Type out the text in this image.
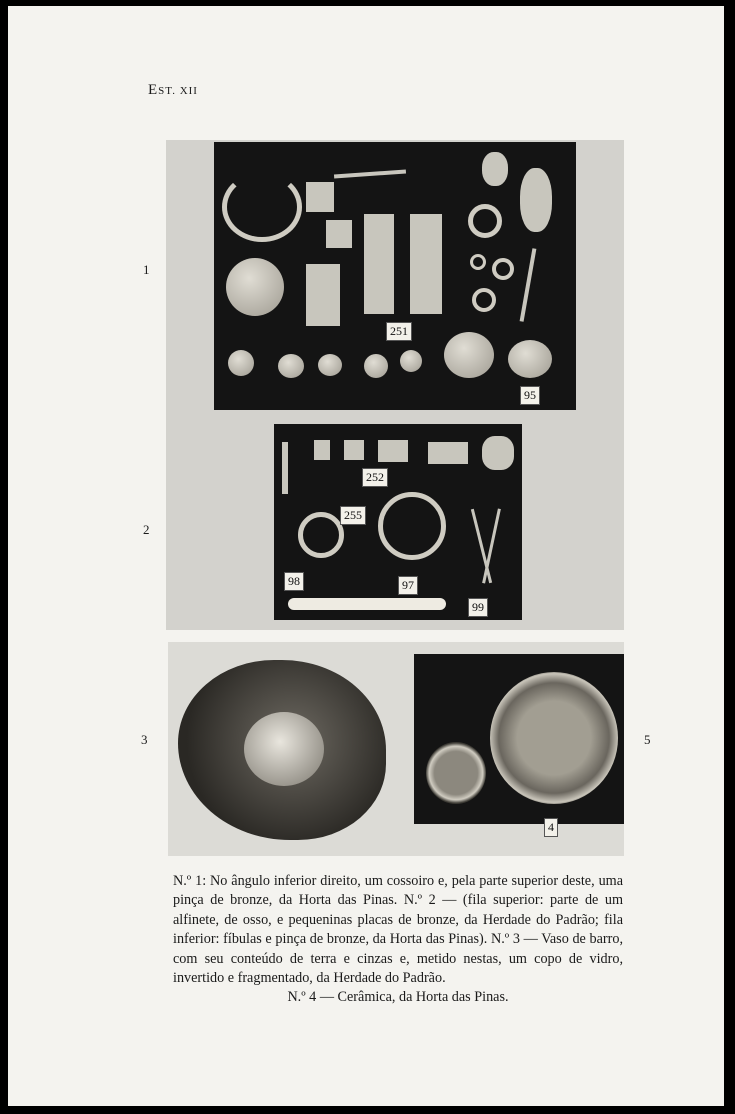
EST. XII
1
2
3	5
251
95
252
255
98	97
99
4

N.º 1: No ângulo inferior direito, um cossoiro e, pela parte superior deste, uma pinça de bronze, da Horta das Pinas. N.º 2 — (fila superior: parte de um alfinete, de osso, e pequeninas placas de bronze, da Herdade do Padrão; fila inferior: fíbulas e pinça de bronze, da Horta das Pinas). N.º 3 — Vaso de barro, com seu conteúdo de terra e cinzas e, metido nestas, um copo de vidro, invertido e fragmentado, da Herdade do Padrão.

N.º 4 — Cerâmica, da Horta das Pinas.
